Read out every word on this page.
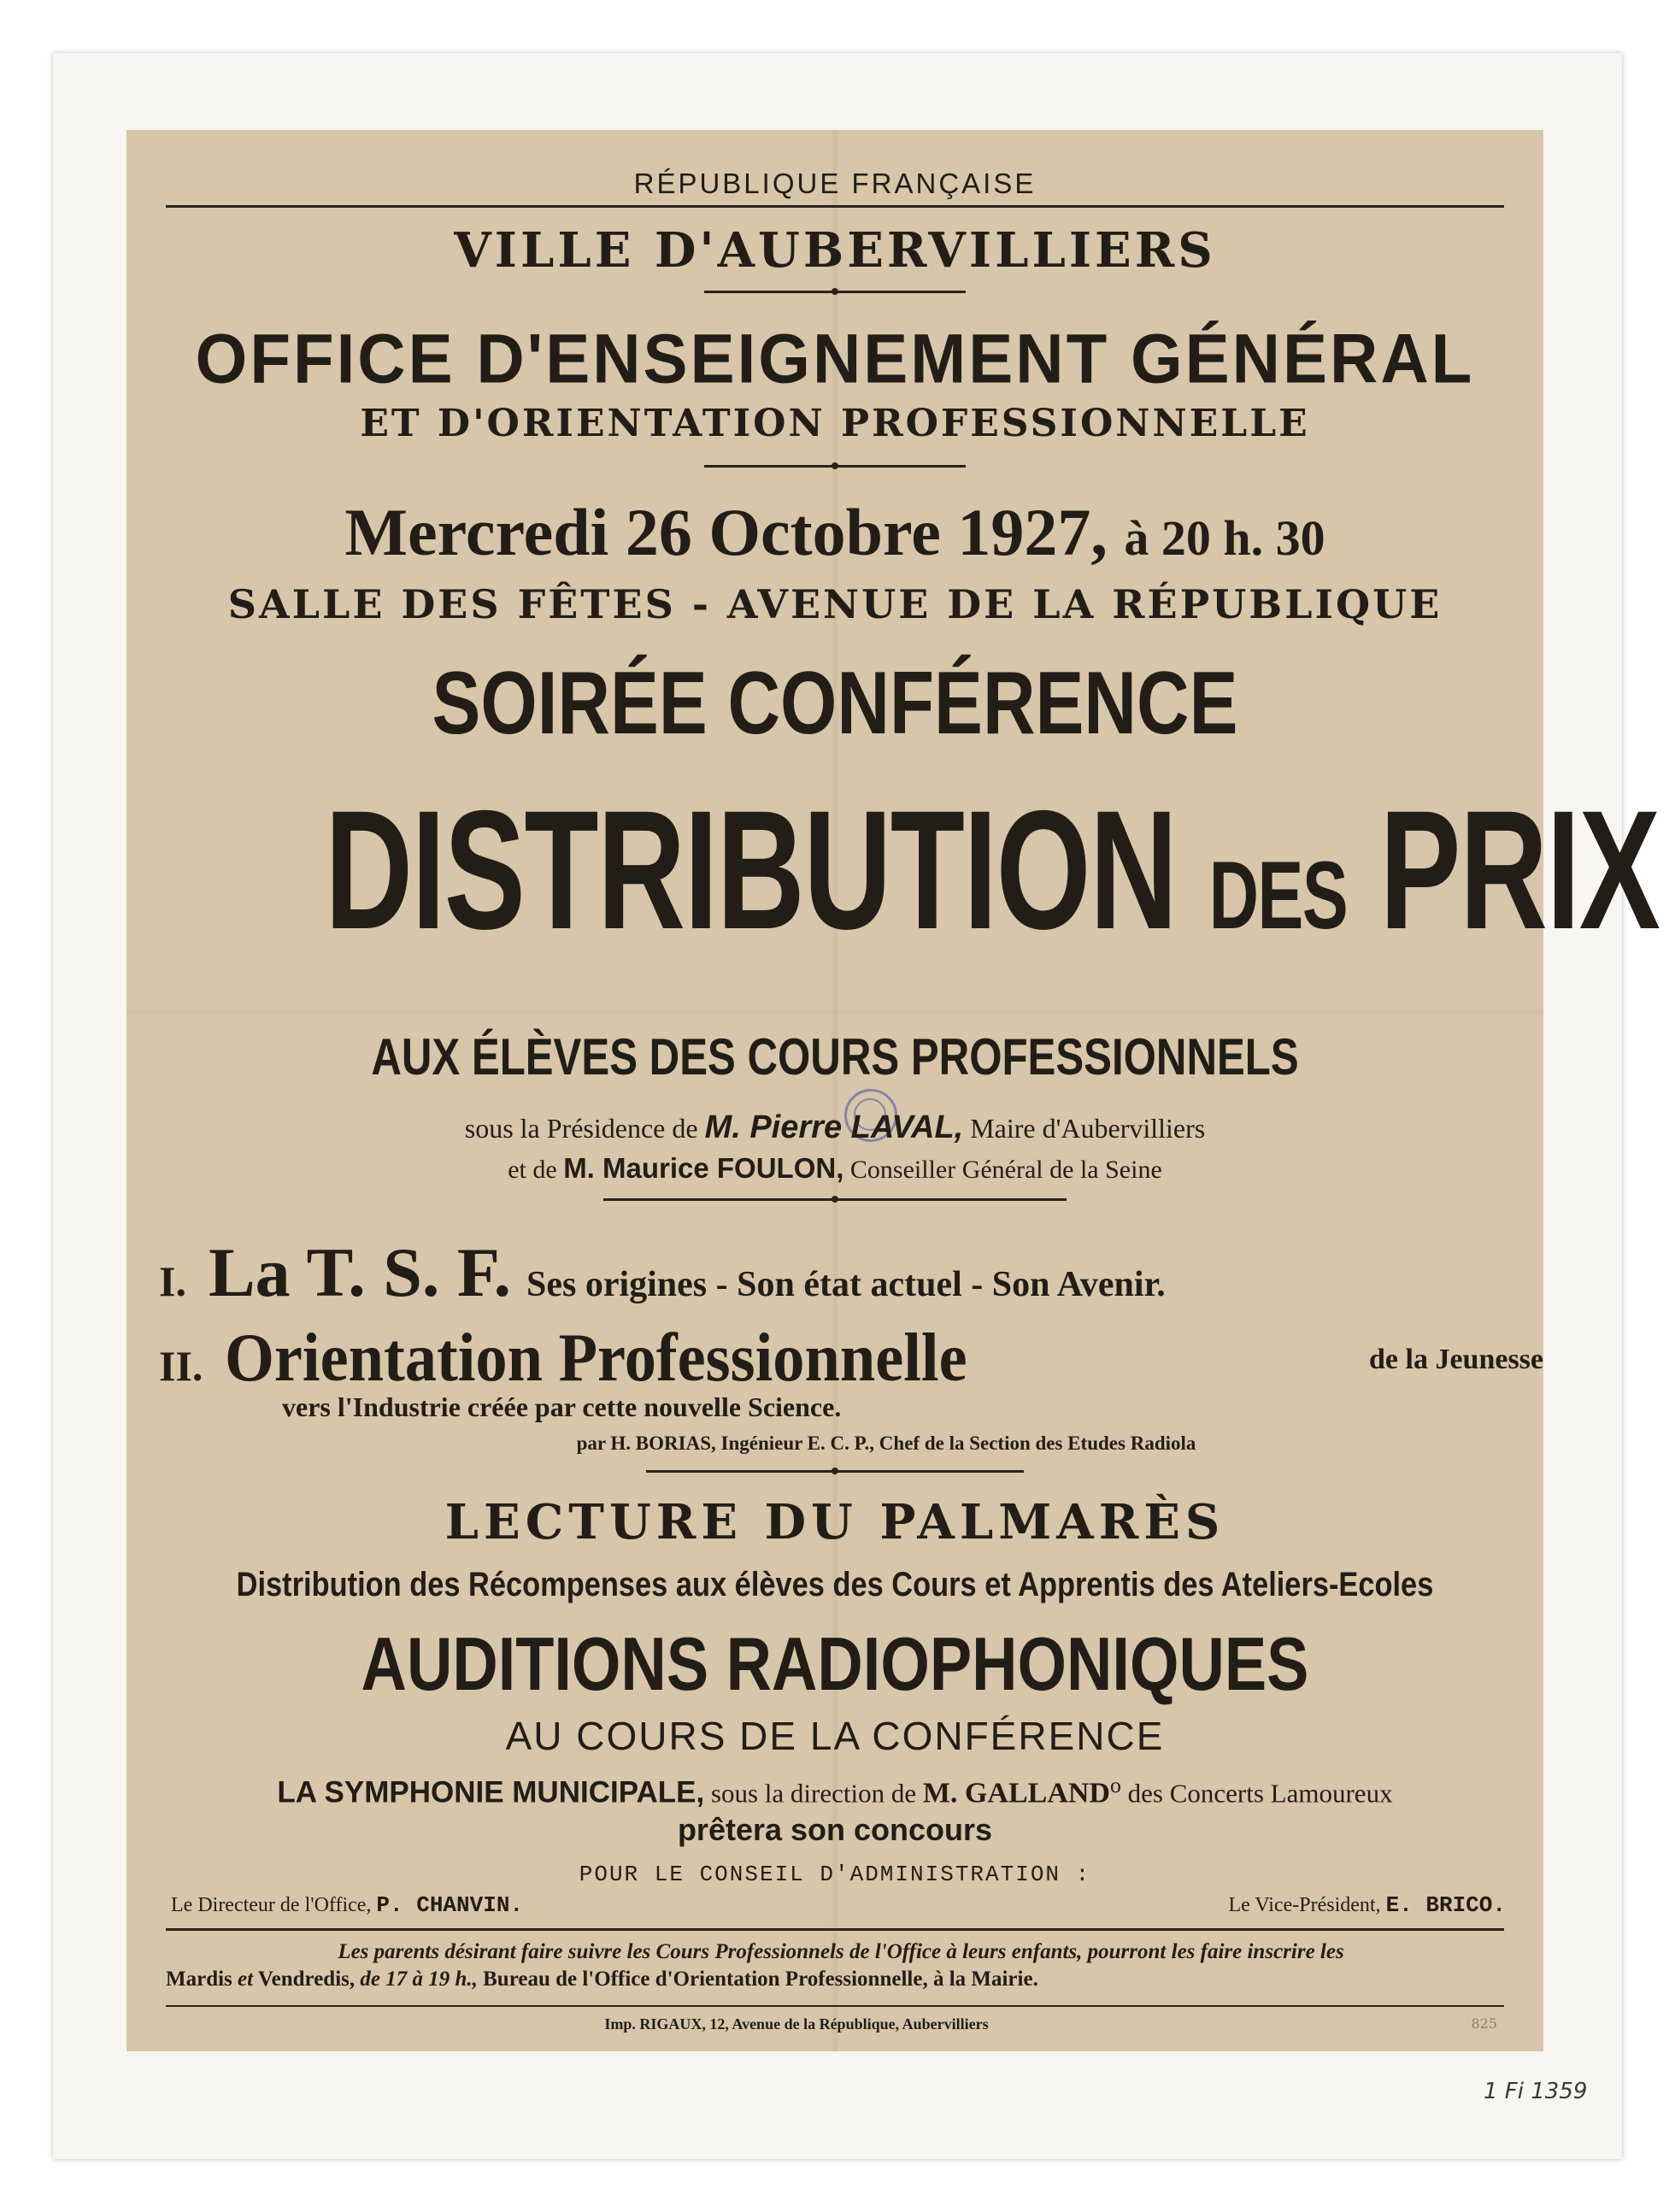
RÉPUBLIQUE FRANÇAISE
VILLE D'AUBERVILLIERS
OFFICE D'ENSEIGNEMENT GÉNÉRAL
ET D'ORIENTATION PROFESSIONNELLE
Mercredi 26 Octobre 1927, à 20 h. 30
SALLE DES FÊTES - AVENUE DE LA RÉPUBLIQUE
SOIRÉE CONFÉRENCE
DISTRIBUTION DES PRIX
AUX ÉLÈVES DES COURS PROFESSIONNELS
sous la Présidence de M. Pierre LAVAL, Maire d'Aubervilliers
et de M. Maurice FOULON, Conseiller Général de la Seine
I. La T. S. F. Ses origines - Son état actuel - Son Avenir.
II. Orientation Professionnelle	de la Jeunesse
vers l'Industrie créée par cette nouvelle Science.
par H. BORIAS, Ingénieur E. C. P., Chef de la Section des Etudes Radiola
LECTURE DU PALMARÈS
Distribution des Récompenses aux élèves des Cours et Apprentis des Ateliers-Ecoles
AUDITIONS RADIOPHONIQUES
AU COURS DE LA CONFÉRENCE
LA SYMPHONIE MUNICIPALE, sous la direction de M. GALLAND$^o$ des Concerts Lamoureux
prêtera son concours
POUR LE CONSEIL D'ADMINISTRATION :
Le Directeur de l'Office, P. CHANVIN.	Le Vice-Président, E. BRICO.
Les parents désirant faire suivre les Cours Professionnels de l'Office à leurs enfants, pourront les faire inscrire les
Mardis et Vendredis, de 17 à 19 h., Bureau de l'Office d'Orientation Professionnelle, à la Mairie.
Imp. RIGAUX, 12, Avenue de la République, Aubervilliers	825
1 Fi 1359
